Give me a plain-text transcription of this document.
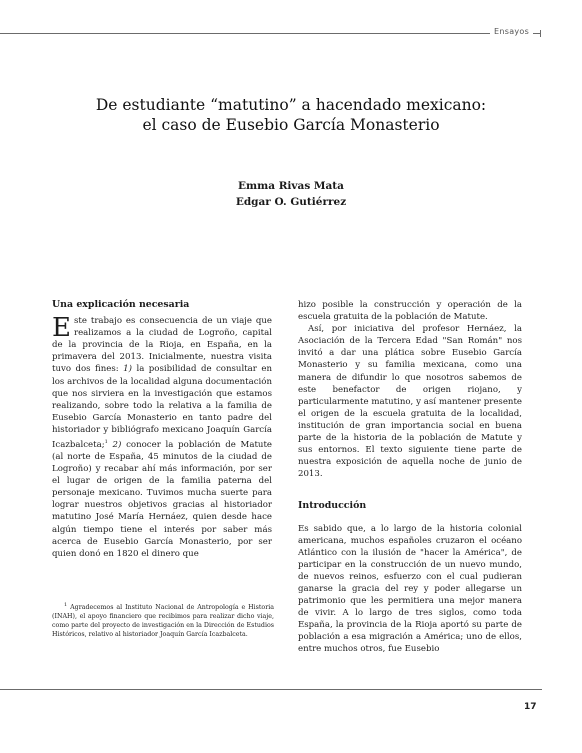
Ensayos
De estudiante “matutino” a hacendado mexicano:
el caso de Eusebio García Monasterio
Emma Rivas Mata
Edgar O. Gutiérrez
Una explicación necesaria

Este trabajo es consecuencia de un viaje que realizamos a la ciudad de Logroño, capital de la provincia de la Rioja, en España, en la primavera del 2013. Inicialmente, nuestra visita tuvo dos fines: 1) la posibilidad de consultar en los archivos de la localidad alguna documentación que nos sirviera en la investigación que estamos realizando, sobre todo la relativa a la familia de Eusebio García Monasterio en tanto padre del historiador y bibliógrafo mexicano Joaquín García Icazbalceta;$^1$ 2) conocer la población de Matute (al norte de España, 45 minutos de la ciudad de Logroño) y recabar ahí más información, por ser el lugar de origen de la familia paterna del personaje mexicano. Tuvimos mucha suerte para lograr nuestros objetivos gracias al historiador matutino José María Hernáez, quien desde hace algún tiempo tiene el interés por saber más acerca de Eusebio García Monasterio, por ser quien donó en 1820 el dinero que

hizo posible la construcción y operación de la escuela gratuita de la población de Matute.

Así, por iniciativa del profesor Hernáez, la Asociación de la Tercera Edad "San Román" nos invitó a dar una plática sobre Eusebio García Monasterio y su familia mexicana, como una manera de difundir lo que nosotros sabemos de este benefactor de origen riojano, y particularmente matutino, y así mantener presente el origen de la escuela gratuita de la localidad, institución de gran importancia social en buena parte de la historia de la población de Matute y sus entornos. El texto siguiente tiene parte de nuestra exposición de aquella noche de junio de 2013.

Introducción

Es sabido que, a lo largo de la historia colonial americana, muchos españoles cruzaron el océano Atlántico con la ilusión de "hacer la América", de participar en la construcción de un nuevo mundo, de nuevos reinos, esfuerzo con el cual pudieran ganarse la gracia del rey y poder allegarse un patrimonio que les permitiera una mejor manera de vivir. A lo largo de tres siglos, como toda España, la provincia de la Rioja aportó su parte de población a esa migración a América; uno de ellos, entre muchos otros, fue Eusebio

$^1$ Agradecemos al Instituto Nacional de Antropología e Historia (INAH), el apoyo financiero que recibimos para realizar dicho viaje, como parte del proyecto de investigación en la Dirección de Estudios Históricos, relativo al historiador Joaquín García Icazbalceta.
17
